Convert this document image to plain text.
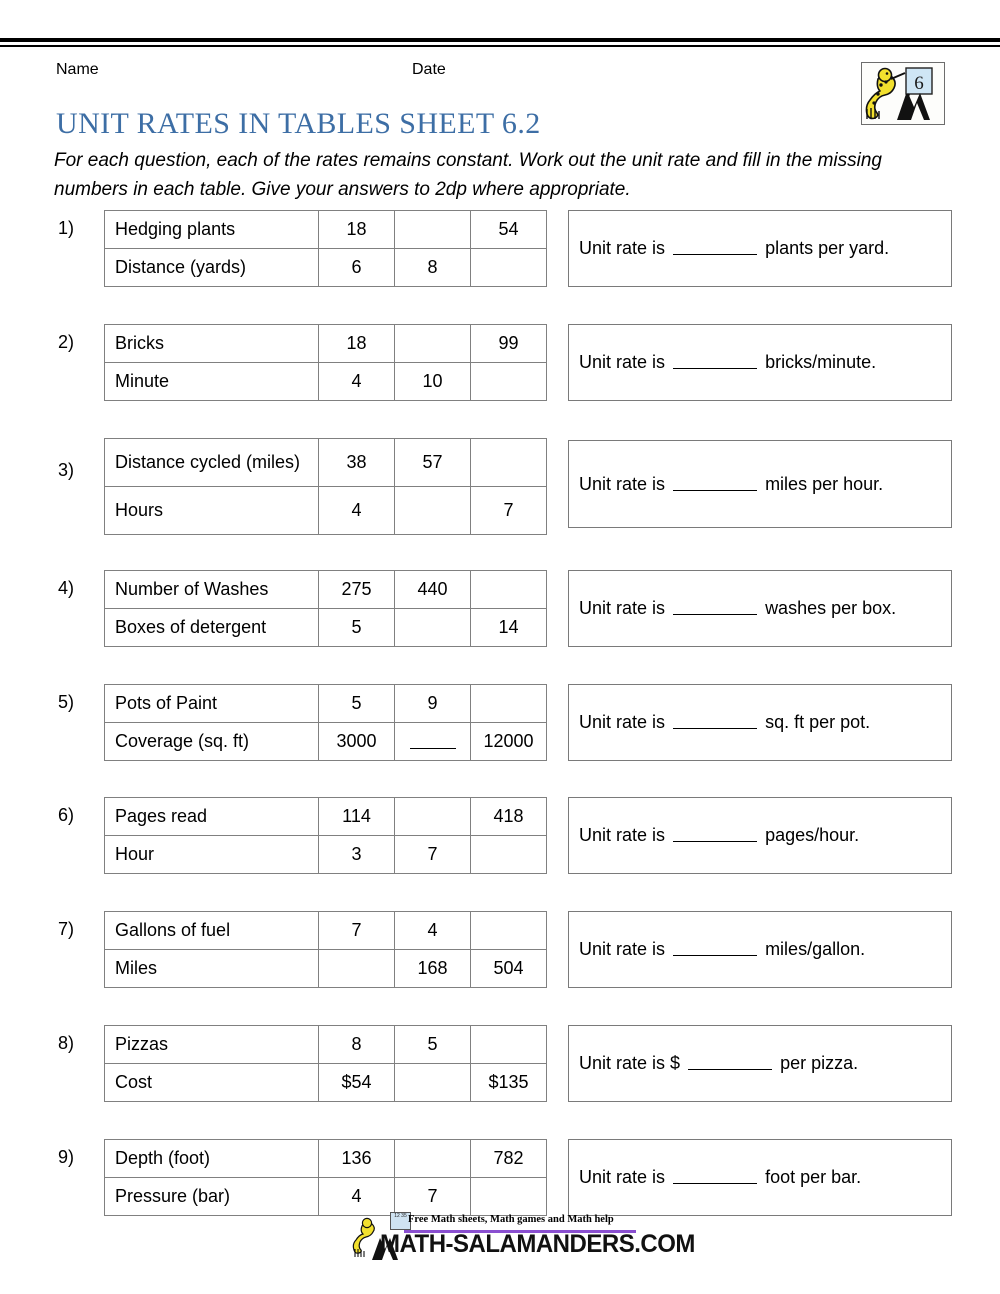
Name	Date
6
UNIT RATES IN TABLES SHEET 6.2
For each question, each of the rates remains constant. Work out the unit rate and fill in the missing numbers in each table. Give your answers to 2dp where appropriate.
1)	Hedging plants	18		54
Distance (yards)	6	8	
Unit rate is	plants per yard.
2)	Bricks	18		99
Minute	4	10	
Unit rate is	bricks/minute.
3)	Distance cycled (miles)	38	57	
Hours	4		7
Unit rate is	miles per hour.
4)	Number of Washes	275	440	
Boxes of detergent	5		14
Unit rate is	washes per box.
5)	Pots of Paint	5	9	
Coverage (sq. ft)	3000		12000
Unit rate is	sq. ft per pot.
6)	Pages read	114		418
Hour	3	7	
Unit rate is	pages/hour.
7)	Gallons of fuel	7	4	
Miles		168	504
Unit rate is	miles/gallon.
8)	Pizzas	8	5	
Cost	$54		$135
Unit rate is $	per pizza.
9)	Depth (foot)	136		782
Pressure (bar)	4	7	
Unit rate is	foot per bar.
12 35 Free Math sheets, Math games and Math help
MATH-SALAMANDERS.COM
